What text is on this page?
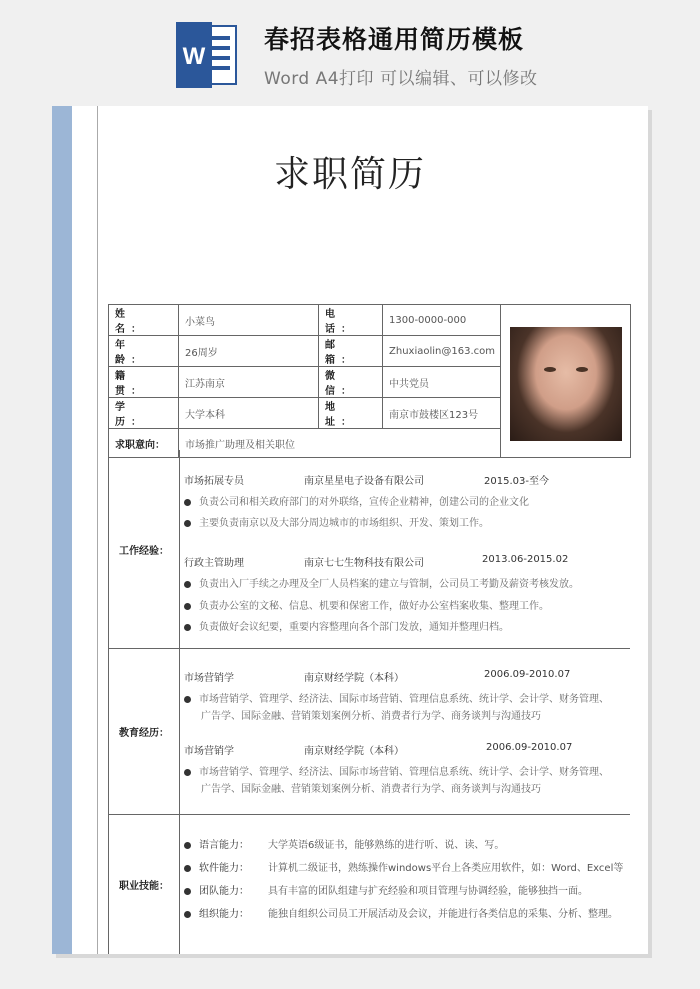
W
春招表格通用简历模板
Word A4打印 可以编辑、可以修改
求职简历
姓　名：	小菜鸟	电　话：	1300-0000-000	

年　龄：	26周岁	邮　箱：	Zhuxiaolin@163.com	
籍　贯：	江苏南京	微　信：	中共党员	
学　历：	大学本科	地　址：	南京市鼓楼区123号	
求职意向：	市场推广助理及相关职位			
工作经验：
市场拓展专员	南京星星电子设备有限公司	2015.03-至今
负责公司和相关政府部门的对外联络，宣传企业精神，创建公司的企业文化
主要负责南京以及大部分周边城市的市场组织、开发、策划工作。
行政主管助理	南京七七生物科技有限公司	2013.06-2015.02
负责出入厂手续之办理及全厂人员档案的建立与管制，公司员工考勤及薪资考核发放。
负责办公室的文秘、信息、机要和保密工作，做好办公室档案收集、整理工作。
负责做好会议纪要，重要内容整理向各个部门发放，通知并整理归档。
教育经历：
市场营销学	南京财经学院（本科）	2006.09-2010.07
市场营销学、管理学、经济法、国际市场营销、管理信息系统、统计学、会计学、财务管理、
广告学、国际金融、营销策划案例分析、消费者行为学、商务谈判与沟通技巧
市场营销学	南京财经学院（本科）	2006.09-2010.07
市场营销学、管理学、经济法、国际市场营销、管理信息系统、统计学、会计学、财务管理、
广告学、国际金融、营销策划案例分析、消费者行为学、商务谈判与沟通技巧
职业技能：
语言能力： 大学英语6级证书，能够熟练的进行听、说、读、写。
软件能力： 计算机二级证书，熟练操作windows平台上各类应用软件，如：Word、Excel等
团队能力： 具有丰富的团队组建与扩充经验和项目管理与协调经验，能够独挡一面。
组织能力： 能独自组织公司员工开展活动及会议，并能进行各类信息的采集、分析、整理。
